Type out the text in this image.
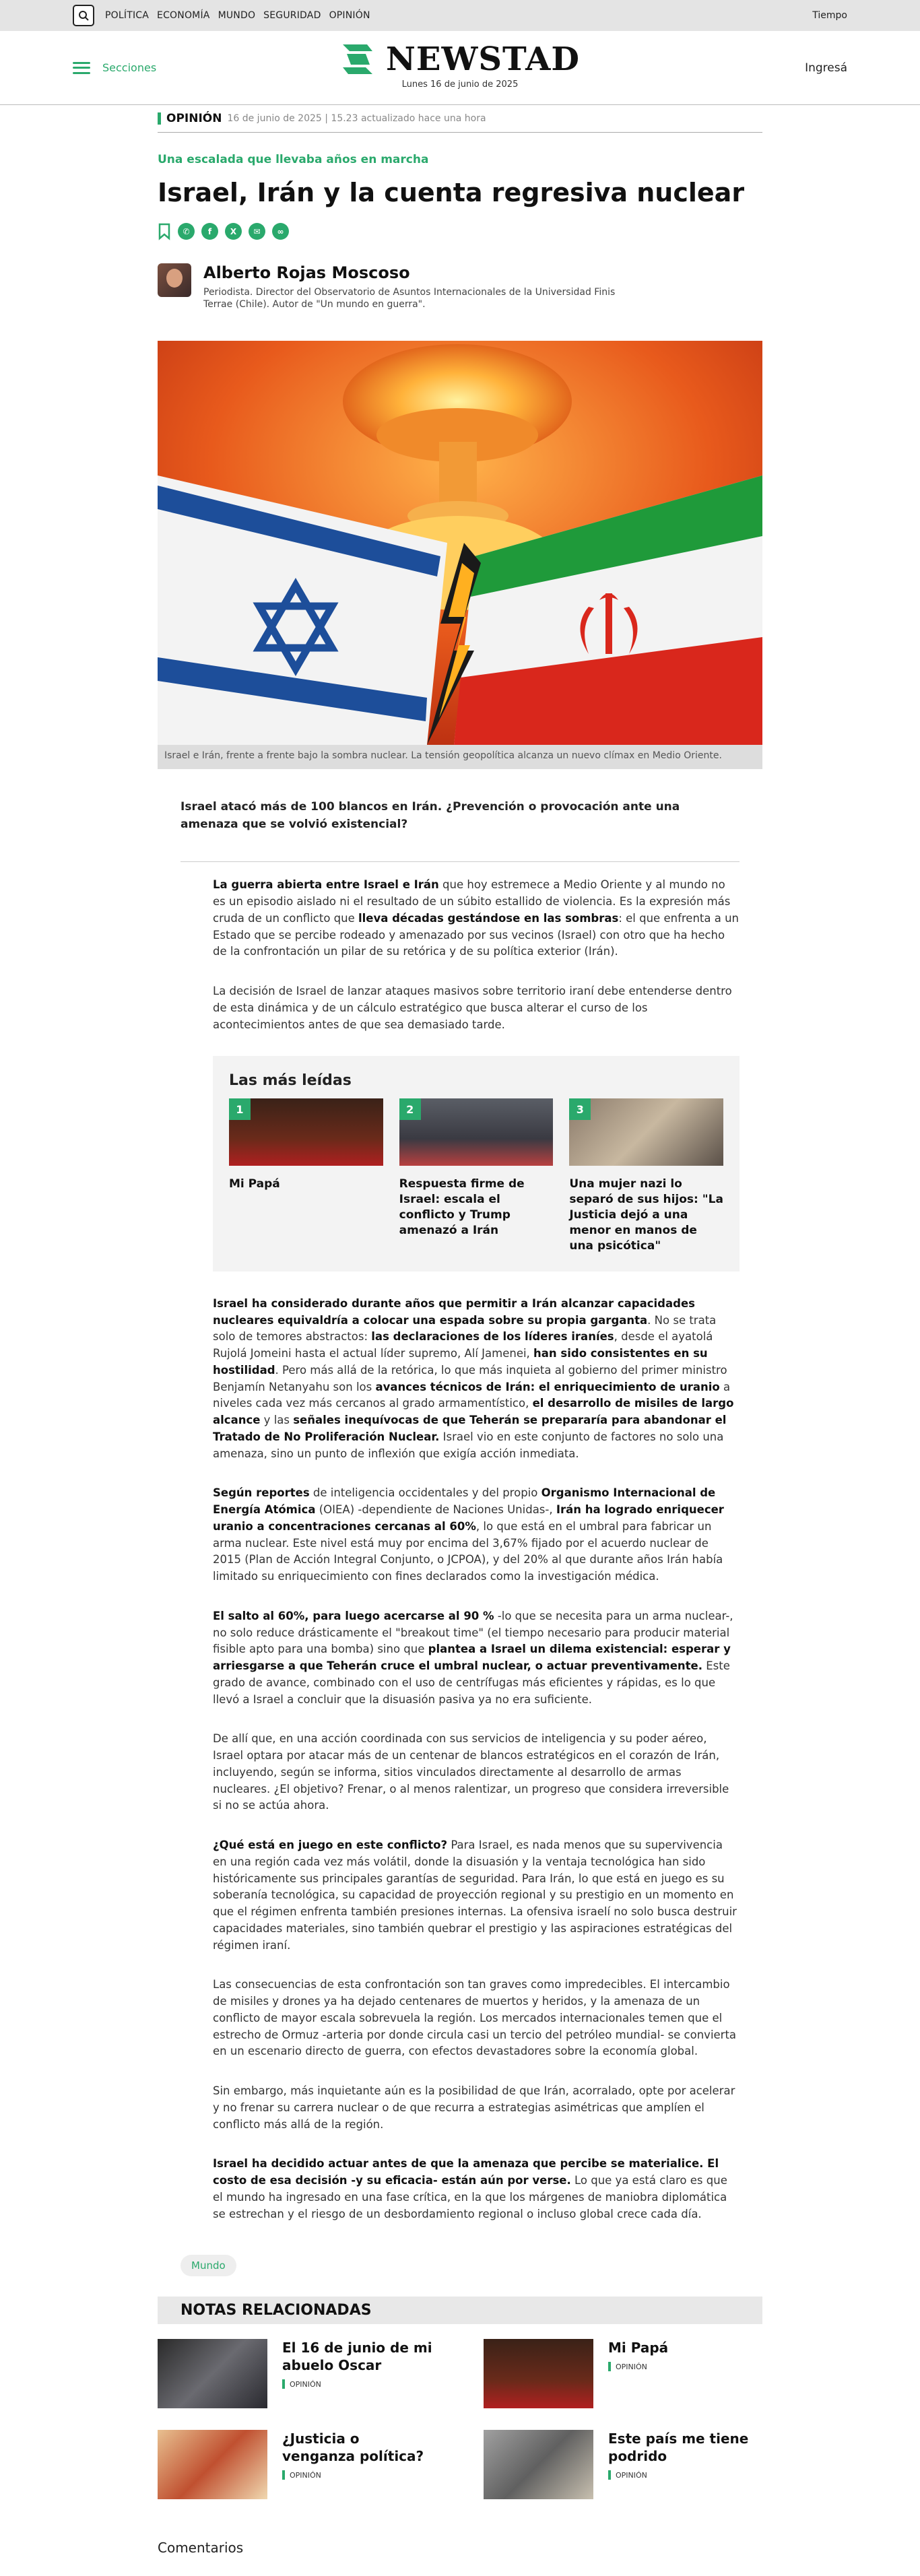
POLÍTICA ECONOMÍA MUNDO SEGURIDAD OPINIÓN	Tiempo
Secciones	NEWSTAD
Lunes 16 de junio de 2025
Ingresá
OPINIÓN 16 de junio de 2025 | 15.23 actualizado hace una hora
Una escalada que llevaba años en marcha
Israel, Irán y la cuenta regresiva nuclear
✆	f	X	✉	∞
Alberto Rojas Moscoso
Periodista. Director del Observatorio de Asuntos Internacionales de la Universidad Finis Terrae (Chile). Autor de "Un mundo en guerra".
Israel e Irán, frente a frente bajo la sombra nuclear. La tensión geopolítica alcanza un nuevo clímax en Medio Oriente.
Israel atacó más de 100 blancos en Irán. ¿Prevención o provocación ante una amenaza que se volvió existencial?

La guerra abierta entre Israel e Irán que hoy estremece a Medio Oriente y al mundo no es un episodio aislado ni el resultado de un súbito estallido de violencia. Es la expresión más cruda de un conflicto que lleva décadas gestándose en las sombras: el que enfrenta a un Estado que se percibe rodeado y amenazado por sus vecinos (Israel) con otro que ha hecho de la confrontación un pilar de su retórica y de su política exterior (Irán).

La decisión de Israel de lanzar ataques masivos sobre territorio iraní debe entenderse dentro de esta dinámica y de un cálculo estratégico que busca alterar el curso de los acontecimientos antes de que sea demasiado tarde.

Las más leídas
1
Mi Papá
2
Respuesta firme de Israel: escala el conflicto y Trump amenazó a Irán
3
Una mujer nazi lo separó de sus hijos: "La Justicia dejó a una menor en manos de una psicótica"

Israel ha considerado durante años que permitir a Irán alcanzar capacidades nucleares equivaldría a colocar una espada sobre su propia garganta. No se trata solo de temores abstractos: las declaraciones de los líderes iraníes, desde el ayatolá Rujolá Jomeini hasta el actual líder supremo, Alí Jamenei, han sido consistentes en su hostilidad. Pero más allá de la retórica, lo que más inquieta al gobierno del primer ministro Benjamín Netanyahu son los avances técnicos de Irán: el enriquecimiento de uranio a niveles cada vez más cercanos al grado armamentístico, el desarrollo de misiles de largo alcance y las señales inequívocas de que Teherán se prepararía para abandonar el Tratado de No Proliferación Nuclear. Israel vio en este conjunto de factores no solo una amenaza, sino un punto de inflexión que exigía acción inmediata.

Según reportes de inteligencia occidentales y del propio Organismo Internacional de Energía Atómica (OIEA) -dependiente de Naciones Unidas-, Irán ha logrado enriquecer uranio a concentraciones cercanas al 60%, lo que está en el umbral para fabricar un arma nuclear. Este nivel está muy por encima del 3,67% fijado por el acuerdo nuclear de 2015 (Plan de Acción Integral Conjunto, o JCPOA), y del 20% al que durante años Irán había limitado su enriquecimiento con fines declarados como la investigación médica.

El salto al 60%, para luego acercarse al 90 % -lo que se necesita para un arma nuclear-, no solo reduce drásticamente el "breakout time" (el tiempo necesario para producir material fisible apto para una bomba) sino que plantea a Israel un dilema existencial: esperar y arriesgarse a que Teherán cruce el umbral nuclear, o actuar preventivamente. Este grado de avance, combinado con el uso de centrífugas más eficientes y rápidas, es lo que llevó a Israel a concluir que la disuasión pasiva ya no era suficiente.

De allí que, en una acción coordinada con sus servicios de inteligencia y su poder aéreo, Israel optara por atacar más de un centenar de blancos estratégicos en el corazón de Irán, incluyendo, según se informa, sitios vinculados directamente al desarrollo de armas nucleares. ¿El objetivo? Frenar, o al menos ralentizar, un progreso que considera irreversible si no se actúa ahora.

¿Qué está en juego en este conflicto? Para Israel, es nada menos que su supervivencia en una región cada vez más volátil, donde la disuasión y la ventaja tecnológica han sido históricamente sus principales garantías de seguridad. Para Irán, lo que está en juego es su soberanía tecnológica, su capacidad de proyección regional y su prestigio en un momento en que el régimen enfrenta también presiones internas. La ofensiva israelí no solo busca destruir capacidades materiales, sino también quebrar el prestigio y las aspiraciones estratégicas del régimen iraní.

Las consecuencias de esta confrontación son tan graves como impredecibles. El intercambio de misiles y drones ya ha dejado centenares de muertos y heridos, y la amenaza de un conflicto de mayor escala sobrevuela la región. Los mercados internacionales temen que el estrecho de Ormuz -arteria por donde circula casi un tercio del petróleo mundial- se convierta en un escenario directo de guerra, con efectos devastadores sobre la economía global.

Sin embargo, más inquietante aún es la posibilidad de que Irán, acorralado, opte por acelerar y no frenar su carrera nuclear o de que recurra a estrategias asimétricas que amplíen el conflicto más allá de la región.

Israel ha decidido actuar antes de que la amenaza que percibe se materialice. El costo de esa decisión -y su eficacia- están aún por verse. Lo que ya está claro es que el mundo ha ingresado en una fase crítica, en la que los márgenes de maniobra diplomática se estrechan y el riesgo de un desbordamiento regional o incluso global crece cada día.

Mundo
NOTAS RELACIONADAS
El 16 de junio de mi abuelo Oscar
OPINIÓN
Mi Papá
OPINIÓN
¿Justicia o venganza política?
OPINIÓN
Este país me tiene podrido
OPINIÓN
Comentarios
